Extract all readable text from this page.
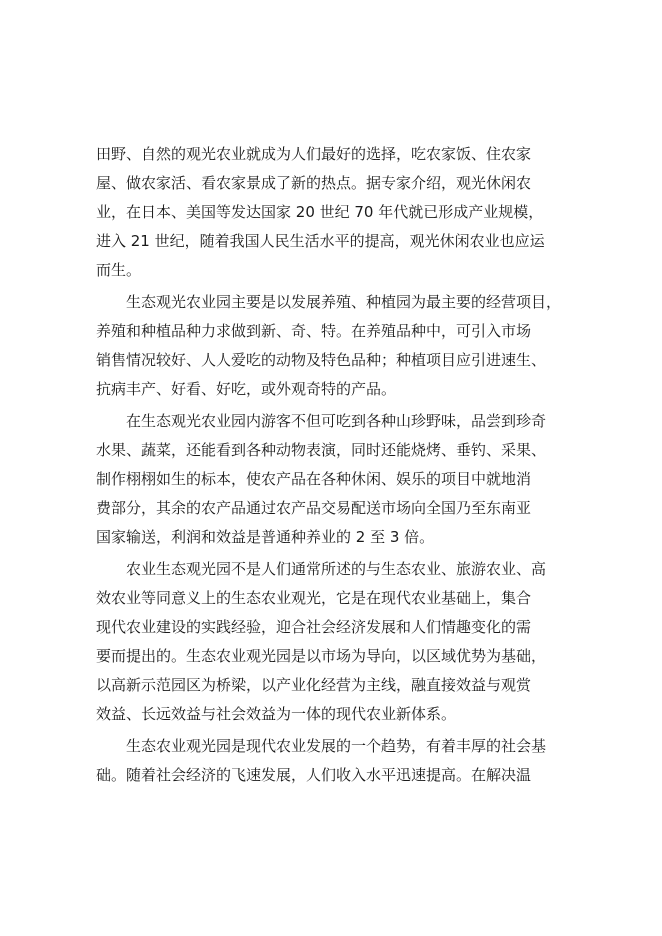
田野、自然的观光农业就成为人们最好的选择，吃农家饭、住农家
屋、做农家活、看农家景成了新的热点。据专家介绍，观光休闲农
业，在日本、美国等发达国家 20 世纪 70 年代就已形成产业规模，
进入 21 世纪，随着我国人民生活水平的提高，观光休闲农业也应运
而生。
生态观光农业园主要是以发展养殖、种植园为最主要的经营项目，
养殖和种植品种力求做到新、奇、特。在养殖品种中，可引入市场
销售情况较好、人人爱吃的动物及特色品种；种植项目应引进速生、
抗病丰产、好看、好吃，或外观奇特的产品。
在生态观光农业园内游客不但可吃到各种山珍野味，品尝到珍奇
水果、蔬菜，还能看到各种动物表演，同时还能烧烤、垂钓、采果、
制作栩栩如生的标本，使农产品在各种休闲、娱乐的项目中就地消
费部分，其余的农产品通过农产品交易配送市场向全国乃至东南亚
国家输送，利润和效益是普通种养业的 2 至 3 倍。
农业生态观光园不是人们通常所述的与生态农业、旅游农业、高
效农业等同意义上的生态农业观光，它是在现代农业基础上，集合
现代农业建设的实践经验，迎合社会经济发展和人们情趣变化的需
要而提出的。生态农业观光园是以市场为导向，以区域优势为基础，
以高新示范园区为桥梁，以产业化经营为主线，融直接效益与观赏
效益、长远效益与社会效益为一体的现代农业新体系。
生态农业观光园是现代农业发展的一个趋势，有着丰厚的社会基
础。随着社会经济的飞速发展，人们收入水平迅速提高。在解决温
